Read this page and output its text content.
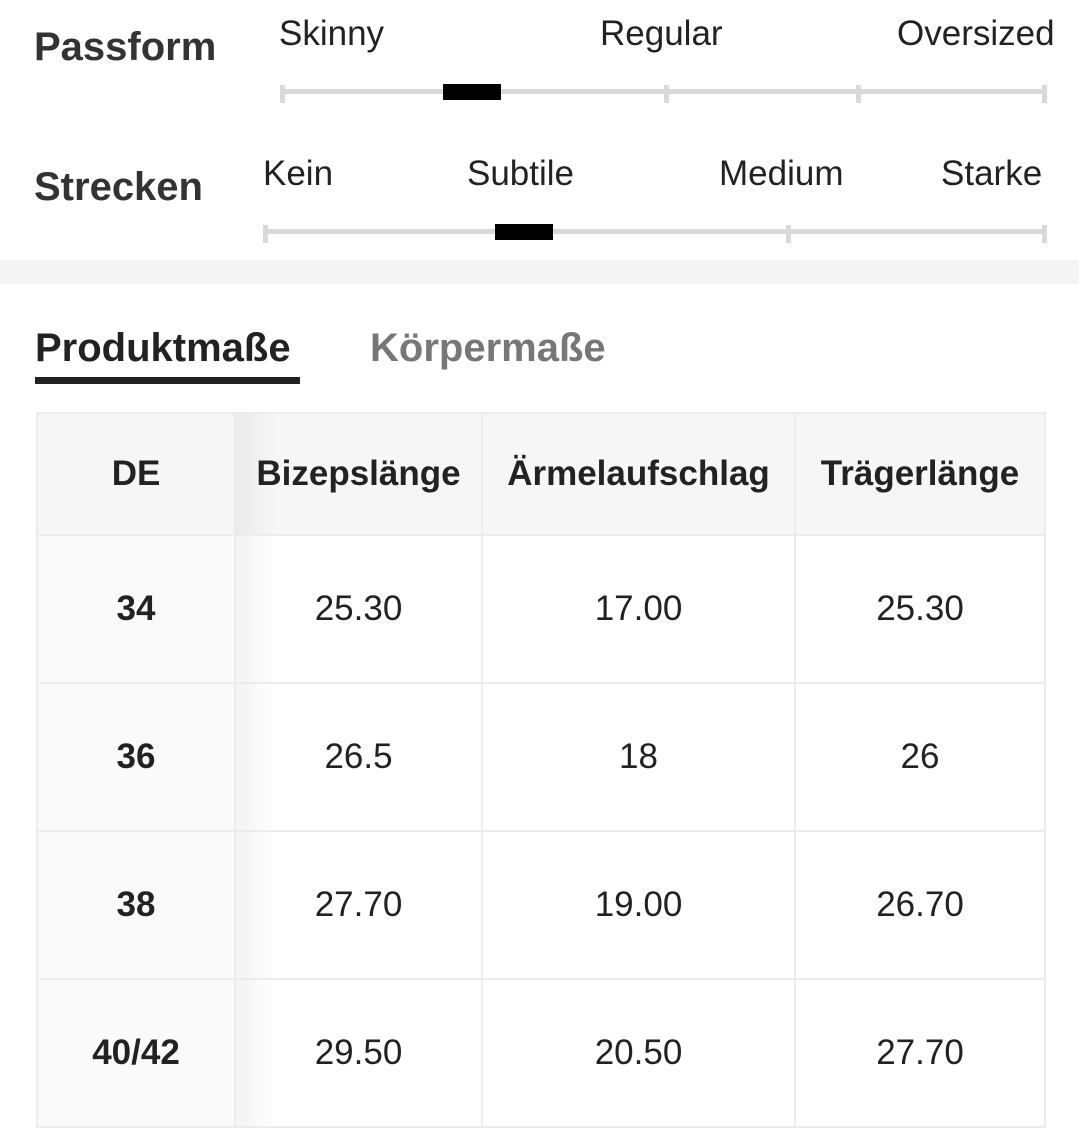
Passform Skinny	Regular	Oversized
Strecken Kein	Subtile	Medium	Starke
Produktmaße Körpermaße
DE	Bizepslänge	Ärmelaufschlag	Trägerlänge
34	25.30	17.00	25.30
36	26.5	18	26
38	27.70	19.00	26.70
40/42	29.50	20.50	27.70
